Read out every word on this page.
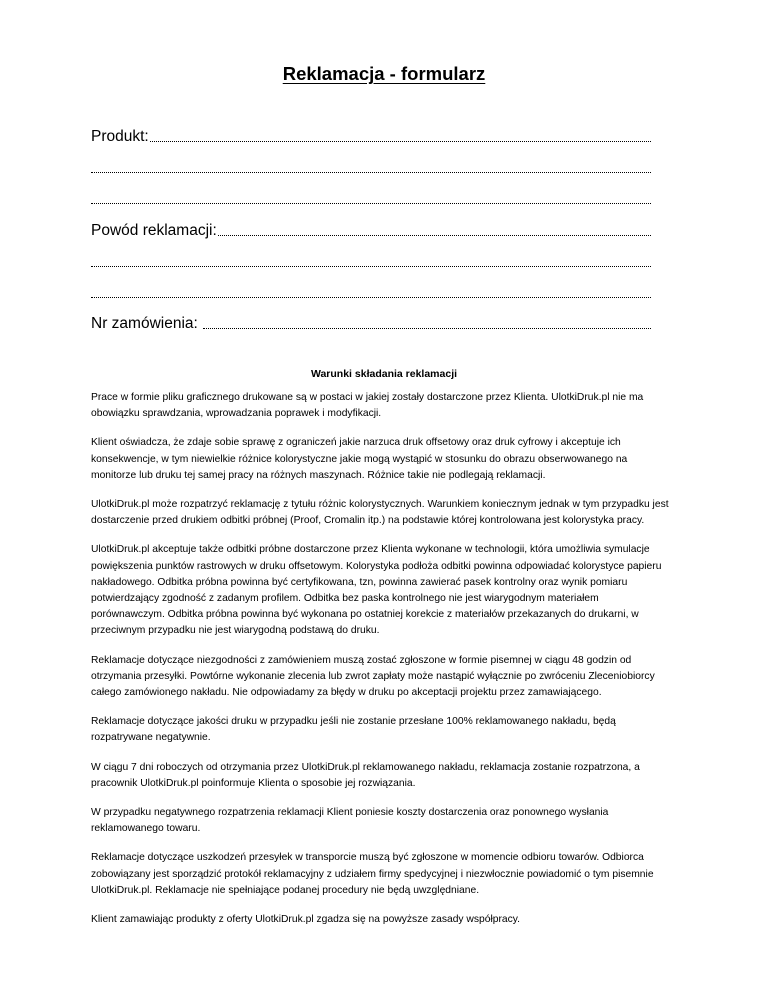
Reklamacja - formularz
Produkt:
Powód reklamacji:
Nr zamówienia:
Warunki składania reklamacji

Prace w formie pliku graficznego drukowane są w postaci w jakiej zostały dostarczone przez Klienta. UlotkiDruk.pl nie ma obowiązku sprawdzania, wprowadzania poprawek i modyfikacji.

Klient oświadcza, że zdaje sobie sprawę z ograniczeń jakie narzuca druk offsetowy oraz druk cyfrowy i akceptuje ich konsekwencje, w tym niewielkie różnice kolorystyczne jakie mogą wystąpić w stosunku do obrazu obserwowanego na monitorze lub druku tej samej pracy na różnych maszynach. Różnice takie nie podlegają reklamacji.

UlotkiDruk.pl może rozpatrzyć reklamację z tytułu różnic kolorystycznych. Warunkiem koniecznym jednak w tym przypadku jest dostarczenie przed drukiem odbitki próbnej (Proof, Cromalin itp.) na podstawie której kontrolowana jest kolorystyka pracy.

UlotkiDruk.pl akceptuje także odbitki próbne dostarczone przez Klienta wykonane w technologii, która umożliwia symulacje powiększenia punktów rastrowych w druku offsetowym. Kolorystyka podłoża odbitki powinna odpowiadać kolorystyce papieru nakładowego. Odbitka próbna powinna być certyfikowana, tzn, powinna zawierać pasek kontrolny oraz wynik pomiaru potwierdzający zgodność z zadanym profilem. Odbitka bez paska kontrolnego nie jest wiarygodnym materiałem porównawczym. Odbitka próbna powinna być wykonana po ostatniej korekcie z materiałów przekazanych do drukarni, w przeciwnym przypadku nie jest wiarygodną podstawą do druku.

Reklamacje dotyczące niezgodności z zamówieniem muszą zostać zgłoszone w formie pisemnej w ciągu 48 godzin od otrzymania przesyłki. Powtórne wykonanie zlecenia lub zwrot zapłaty może nastąpić wyłącznie po zwróceniu Zleceniobiorcy całego zamówionego nakładu. Nie odpowiadamy za błędy w druku po akceptacji projektu przez zamawiającego.

Reklamacje dotyczące jakości druku w przypadku jeśli nie zostanie przesłane 100% reklamowanego nakładu, będą rozpatrywane negatywnie.

W ciągu 7 dni roboczych od otrzymania przez UlotkiDruk.pl reklamowanego nakładu, reklamacja zostanie rozpatrzona, a pracownik UlotkiDruk.pl poinformuje Klienta o sposobie jej rozwiązania.

W przypadku negatywnego rozpatrzenia reklamacji Klient poniesie koszty dostarczenia oraz ponownego wysłania reklamowanego towaru.

Reklamacje dotyczące uszkodzeń przesyłek w transporcie muszą być zgłoszone w momencie odbioru towarów. Odbiorca zobowiązany jest sporządzić protokół reklamacyjny z udziałem firmy spedycyjnej i niezwłocznie powiadomić o tym pisemnie UlotkiDruk.pl. Reklamacje nie spełniające podanej procedury nie będą uwzględniane.

Klient zamawiając produkty z oferty UlotkiDruk.pl zgadza się na powyższe zasady współpracy.
